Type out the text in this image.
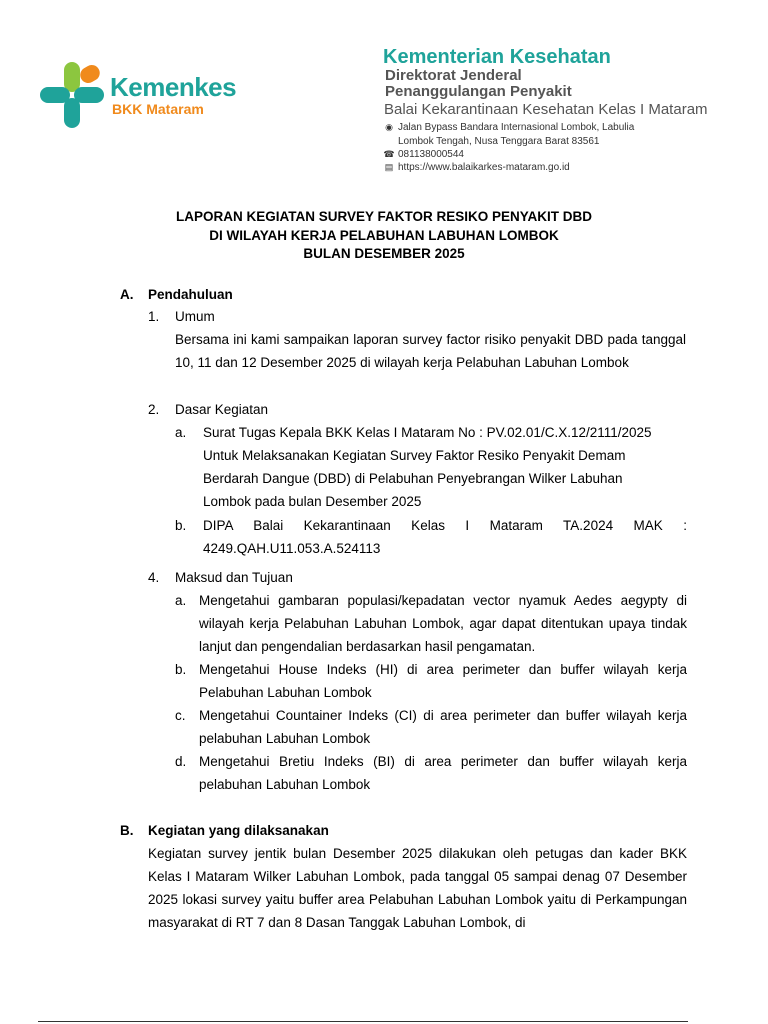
Kemenkes
BKK Mataram
Kementerian Kesehatan
Direktorat Jenderal
Penanggulangan Penyakit
Balai Kekarantinaan Kesehatan Kelas I Mataram
◉ Jalan Bypass Bandara Internasional Lombok, Labulia
Lombok Tengah, Nusa Tenggara Barat 83561
☎ 081138000544
▤ https://www.balaikarkes-mataram.go.id
LAPORAN KEGIATAN SURVEY FAKTOR RESIKO PENYAKIT DBD
DI WILAYAH KERJA PELABUHAN LABUHAN LOMBOK
BULAN DESEMBER 2025
A. Pendahuluan
1. Umum
Bersama ini kami sampaikan laporan survey factor risiko penyakit DBD pada tanggal 10, 11 dan 12 Desember 2025 di wilayah kerja Pelabuhan Labuhan Lombok
2. Dasar Kegiatan
a. Surat Tugas Kepala BKK Kelas I Mataram No : PV.02.01/C.X.12/2111/2025
Untuk Melaksanakan Kegiatan Survey Faktor Resiko Penyakit Demam Berdarah Dangue (DBD) di Pelabuhan Penyebrangan Wilker Labuhan Lombok pada bulan Desember 2025
b. DIPA Balai Kekarantinaan Kelas I Mataram TA.2024 MAK :
4249.QAH.U11.053.A.524113
4. Maksud dan Tujuan
a. Mengetahui gambaran populasi/kepadatan vector nyamuk Aedes aegypty di wilayah kerja Pelabuhan Labuhan Lombok, agar dapat ditentukan upaya tindak lanjut dan pengendalian berdasarkan hasil pengamatan.
b. Mengetahui House Indeks (HI) di area perimeter dan buffer wilayah kerja Pelabuhan Labuhan Lombok
c. Mengetahui Countainer Indeks (CI) di area perimeter dan buffer wilayah kerja pelabuhan Labuhan Lombok
d. Mengetahui Bretiu Indeks (BI) di area perimeter dan buffer wilayah kerja pelabuhan Labuhan Lombok
B. Kegiatan yang dilaksanakan
Kegiatan survey jentik bulan Desember 2025 dilakukan oleh petugas dan kader BKK Kelas I Mataram Wilker Labuhan Lombok, pada tanggal 05 sampai denag 07 Desember 2025 lokasi survey yaitu buffer area Pelabuhan Labuhan Lombok yaitu di Perkampungan masyarakat di RT 7 dan 8 Dasan Tanggak Labuhan Lombok, di
